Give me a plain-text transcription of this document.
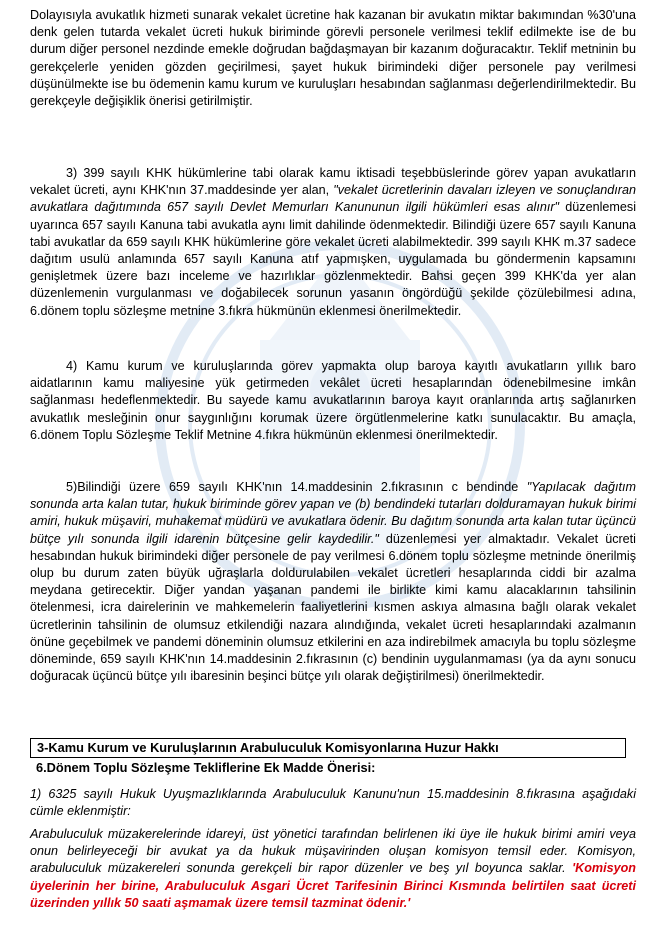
Dolayısıyla avukatlık hizmeti sunarak vekalet ücretine hak kazanan bir avukatın miktar bakımından %30'una denk gelen tutarda vekalet ücreti hukuk biriminde görevli personele verilmesi teklif edilmekte ise de bu durum diğer personel nezdinde emekle doğrudan bağdaşmayan bir kazanım doğuracaktır. Teklif metninin bu gerekçelerle yeniden gözden geçirilmesi, şayet hukuk birimindeki diğer personele pay verilmesi düşünülmekte ise bu ödemenin kamu kurum ve kuruluşları hesabından sağlanması değerlendirilmektedir. Bu gerekçeyle değişiklik önerisi getirilmiştir.
3) 399 sayılı KHK hükümlerine tabi olarak kamu iktisadi teşebbüslerinde görev yapan avukatların vekalet ücreti, aynı KHK'nın 37.maddesinde yer alan, "vekalet ücretlerinin davaları izleyen ve sonuçlandıran avukatlara dağıtımında 657 sayılı Devlet Memurları Kanununun ilgili hükümleri esas alınır" düzenlemesi uyarınca 657 sayılı Kanuna tabi avukatla aynı limit dahilinde ödenmektedir. Bilindiği üzere 657 sayılı Kanuna tabi avukatlar da 659 sayılı KHK hükümlerine göre vekalet ücreti alabilmektedir. 399 sayılı KHK m.37 sadece dağıtım usulü anlamında 657 sayılı Kanuna atıf yapmışken, uygulamada bu göndermenin kapsamını genişletmek üzere bazı inceleme ve hazırlıklar gözlenmektedir. Bahsi geçen 399 KHK'da yer alan düzenlemenin vurgulanması ve doğabilecek sorunun yasanın öngördüğü şekilde çözülebilmesi adına, 6.dönem toplu sözleşme metnine 3.fıkra hükmünün eklenmesi önerilmektedir.
4) Kamu kurum ve kuruluşlarında görev yapmakta olup baroya kayıtlı avukatların yıllık baro aidatlarının kamu maliyesine yük getirmeden vekâlet ücreti hesaplarından ödenebilmesine imkân sağlanması hedeflenmektedir. Bu sayede kamu avukatlarının baroya kayıt oranlarında artış sağlanırken avukatlık mesleğinin onur saygınlığını korumak üzere örgütlenmelerine katkı sunulacaktır. Bu amaçla, 6.dönem Toplu Sözleşme Teklif Metnine 4.fıkra hükmünün eklenmesi önerilmektedir.
5)Bilindiği üzere 659 sayılı KHK'nın 14.maddesinin 2.fıkrasının c bendinde "Yapılacak dağıtım sonunda arta kalan tutar, hukuk biriminde görev yapan ve (b) bendindeki tutarları dolduramayan hukuk birimi amiri, hukuk müşaviri, muhakemat müdürü ve avukatlara ödenir. Bu dağıtım sonunda arta kalan tutar üçüncü bütçe yılı sonunda ilgili idarenin bütçesine gelir kaydedilir." düzenlemesi yer almaktadır. Vekalet ücreti hesabından hukuk birimindeki diğer personele de pay verilmesi 6.dönem toplu sözleşme metninde önerilmiş olup bu durum zaten büyük uğraşlarla doldurulabilen vekalet ücretleri hesaplarında ciddi bir azalma meydana getirecektir. Diğer yandan yaşanan pandemi ile birlikte kimi kamu alacaklarının tahsilinin ötelenmesi, icra dairelerinin ve mahkemelerin faaliyetlerini kısmen askıya almasına bağlı olarak vekalet ücretlerinin tahsilinin de olumsuz etkilendiği nazara alındığında, vekalet ücreti hesaplarındaki azalmanın önüne geçebilmek ve pandemi döneminin olumsuz etkilerini en aza indirebilmek amacıyla bu toplu sözleşme döneminde, 659 sayılı KHK'nın 14.maddesinin 2.fıkrasının (c) bendinin uygulanmaması (ya da aynı sonucu doğuracak üçüncü bütçe yılı ibaresinin beşinci bütçe yılı olarak değiştirilmesi) önerilmektedir.
3-Kamu Kurum ve Kuruluşlarının Arabuluculuk Komisyonlarına Huzur Hakkı
6.Dönem Toplu Sözleşme Tekliflerine Ek Madde Önerisi:
1) 6325 sayılı Hukuk Uyuşmazlıklarında Arabuluculuk Kanunu'nun 15.maddesinin 8.fıkrasına aşağıdaki cümle eklenmiştir:
Arabuluculuk müzakerelerinde idareyi, üst yönetici tarafından belirlenen iki üye ile hukuk birimi amiri veya onun belirleyeceği bir avukat ya da hukuk müşavirinden oluşan komisyon temsil eder. Komisyon, arabuluculuk müzakereleri sonunda gerekçeli bir rapor düzenler ve beş yıl boyunca saklar. 'Komisyon üyelerinin her birine, Arabuluculuk Asgari Ücret Tarifesinin Birinci Kısmında belirtilen saat ücreti üzerinden yıllık 50 saati aşmamak üzere temsil tazminat ödenir.'
